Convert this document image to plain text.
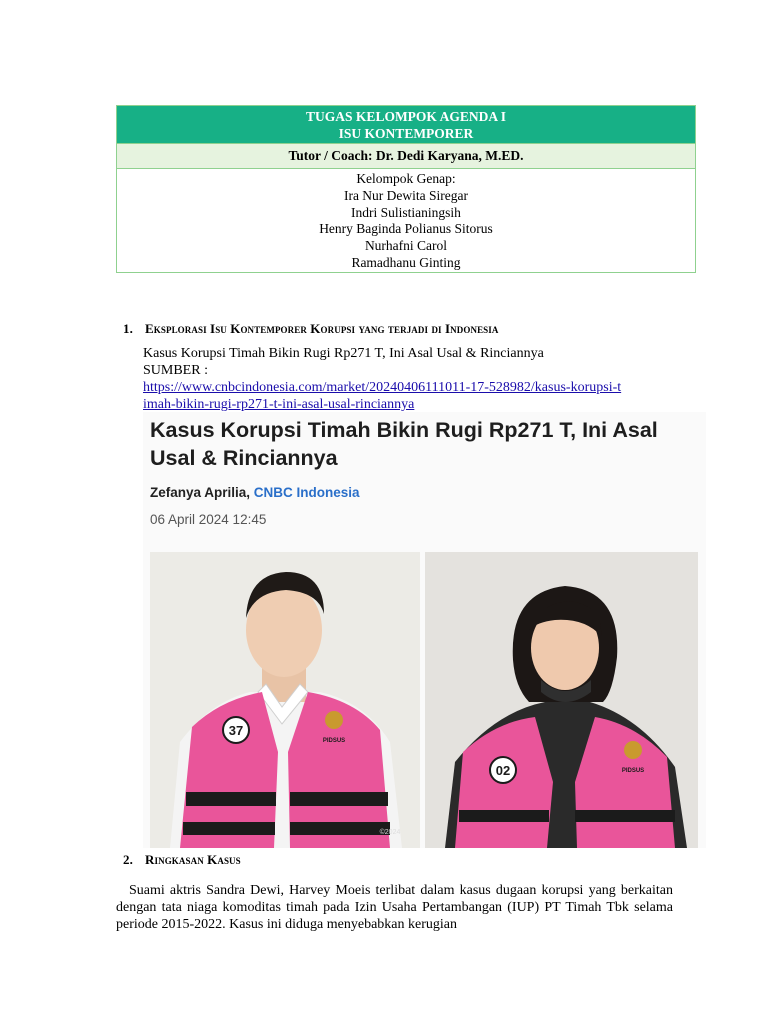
TUGAS KELOMPOK AGENDA I
ISU KONTEMPORER

Tutor / Coach: Dr. Dedi Karyana, M.ED.

Kelompok Genap:
Ira Nur Dewita Siregar
Indri Sulistianingsih
Henry Baginda Polianus Sitorus
Nurhafni Carol
Ramadhanu Ginting
1. Eksplorasi Isu Kontemporer Korupsi yang terjadi di Indonesia
Kasus Korupsi Timah Bikin Rugi Rp271 T, Ini Asal Usal & Rinciannya
SUMBER :
https://www.cnbcindonesia.com/market/20240406111011-17-528982/kasus-korupsi-t
imah-bikin-rugi-rp271-t-ini-asal-usal-rinciannya
Kasus Korupsi Timah Bikin Rugi Rp271 T, Ini Asal Usal & Rinciannya
Zefanya Aprilia, CNBC Indonesia
06 April 2024 12:45
37
PIDSUS
©2024
02	PIDSUS
2. Ringkasan Kasus
Suami aktris Sandra Dewi, Harvey Moeis terlibat dalam kasus dugaan korupsi yang berkaitan dengan tata niaga komoditas timah pada Izin Usaha Pertambangan (IUP) PT Timah Tbk selama periode 2015-2022. Kasus ini diduga menyebabkan kerugian
